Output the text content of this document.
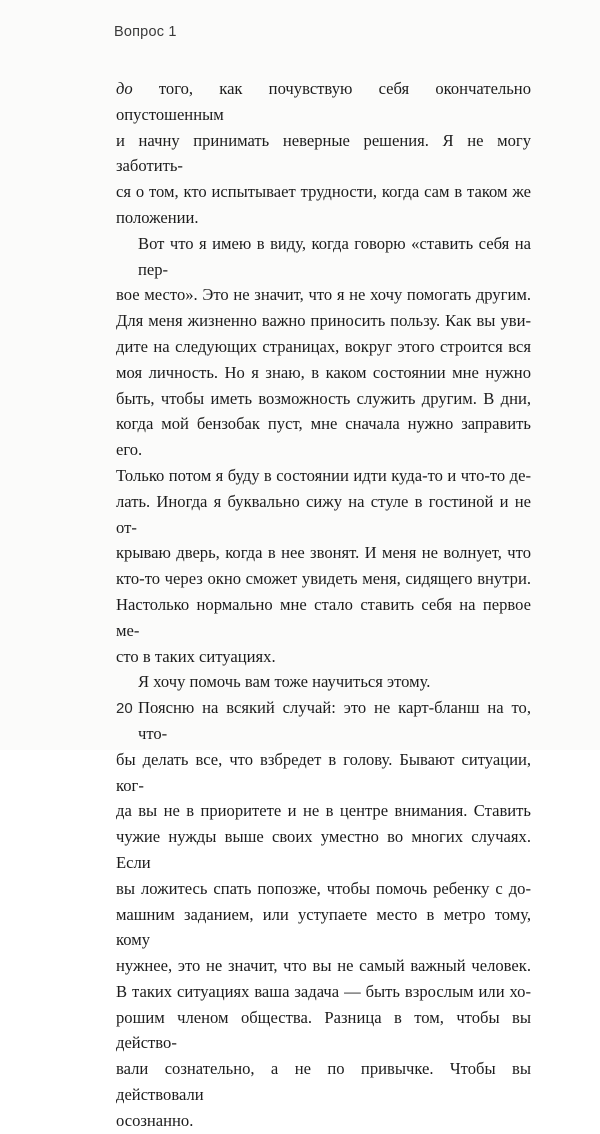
Вопрос 1
до того, как почувствую себя окончательно опустошенным
и начну принимать неверные решения. Я не могу заботить-
ся о том, кто испытывает трудности, когда сам в таком же
положении.
Вот что я имею в виду, когда говорю «ставить себя на пер-
вое место». Это не значит, что я не хочу помогать другим.
Для меня жизненно важно приносить пользу. Как вы уви-
дите на следующих страницах, вокруг этого строится вся
моя личность. Но я знаю, в каком состоянии мне нужно
быть, чтобы иметь возможность служить другим. В дни,
когда мой бензобак пуст, мне сначала нужно заправить его.
Только потом я буду в состоянии идти куда-то и что-то де-
лать. Иногда я буквально сижу на стуле в гостиной и не от-
крываю дверь, когда в нее звонят. И меня не волнует, что
кто-то через окно сможет увидеть меня, сидящего внутри.
Настолько нормально мне стало ставить себя на первое ме-
сто в таких ситуациях.
Я хочу помочь вам тоже научиться этому.
Поясню на всякий случай: это не карт-бланш на то, что-
бы делать все, что взбредет в голову. Бывают ситуации, ког-
да вы не в приоритете и не в центре внимания. Ставить
чужие нужды выше своих уместно во многих случаях. Если
вы ложитесь спать попозже, чтобы помочь ребенку с до-
машним заданием, или уступаете место в метро тому, кому
нужнее, это не значит, что вы не самый важный человек.
В таких ситуациях ваша задача — быть взрослым или хо-
рошим членом общества. Разница в том, чтобы вы действо-
вали сознательно, а не по привычке. Чтобы вы действовали
осознанно.
20
